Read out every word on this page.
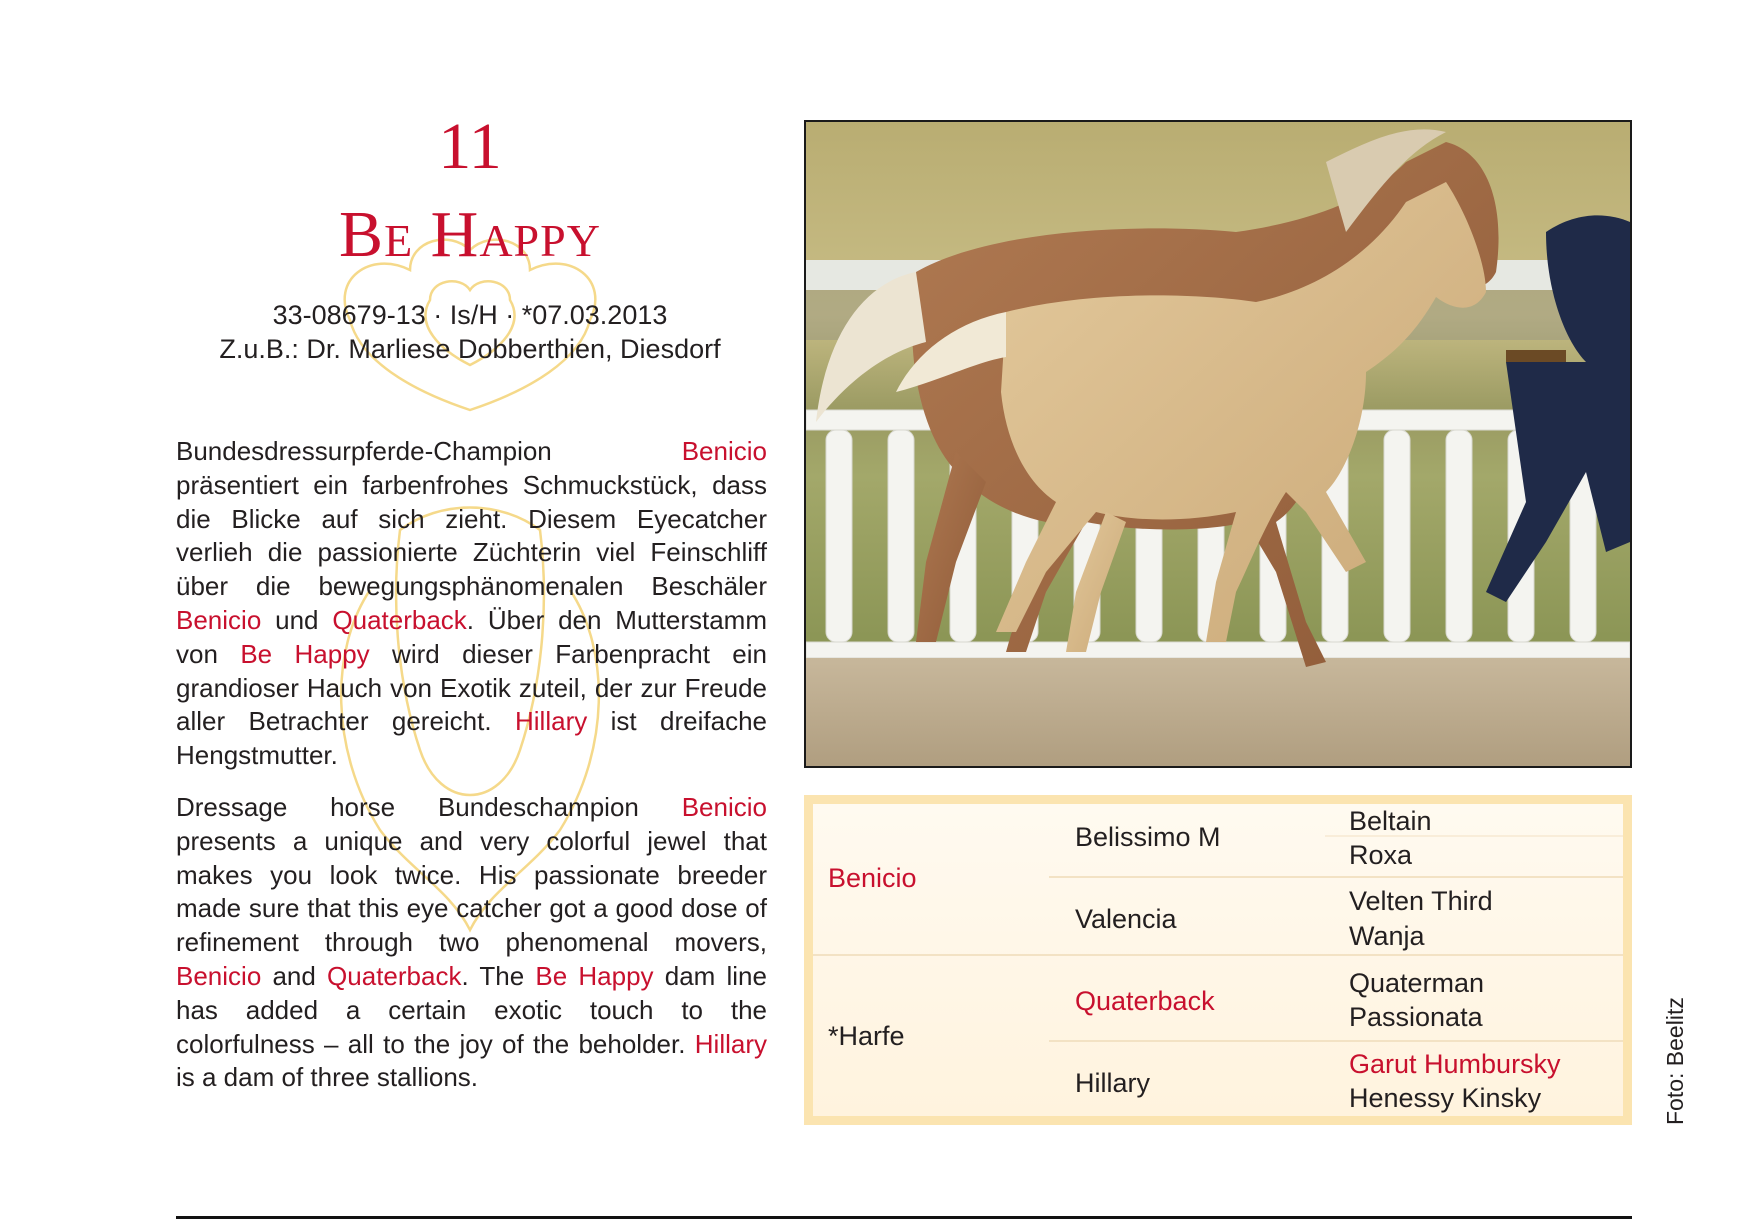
11
Be Happy
33-08679-13 · Is/H · *07.03.2013
Z.u.B.: Dr. Marliese Dobberthien, Diesdorf

Bundesdressurpferde-Champion	Benicio präsentiert ein farbenfrohes Schmuckstück, dass die Blicke auf sich zieht. Diesem Eyecatcher verlieh die passionierte Züchterin viel Feinschliff über die bewegungsphänomenalen Beschäler Benicio und Quaterback. Über den Mutterstamm von Be Happy wird dieser Farbenpracht ein grandioser Hauch von Exotik zuteil, der zur Freude aller Betrachter gereicht. Hillary ist dreifache Hengstmutter.

Dressage horse Bundeschampion Benicio presents a unique and very colorful jewel that makes you look twice. His passionate breeder made sure that this eye catcher got a good dose of refinement through two phenomenal movers, Benicio and Quaterback. The Be Happy dam line has added a certain exotic touch to the colorfulness – all to the joy of the beholder. Hillary is a dam of three stallions.

Benicio
*Harfe
Belissimo M
Valencia
Quaterback
Hillary
Beltain
Roxa
Velten Third
Wanja
Quaterman
Passionata
Garut Humbursky
Henessy Kinsky	Foto: Beelitz
